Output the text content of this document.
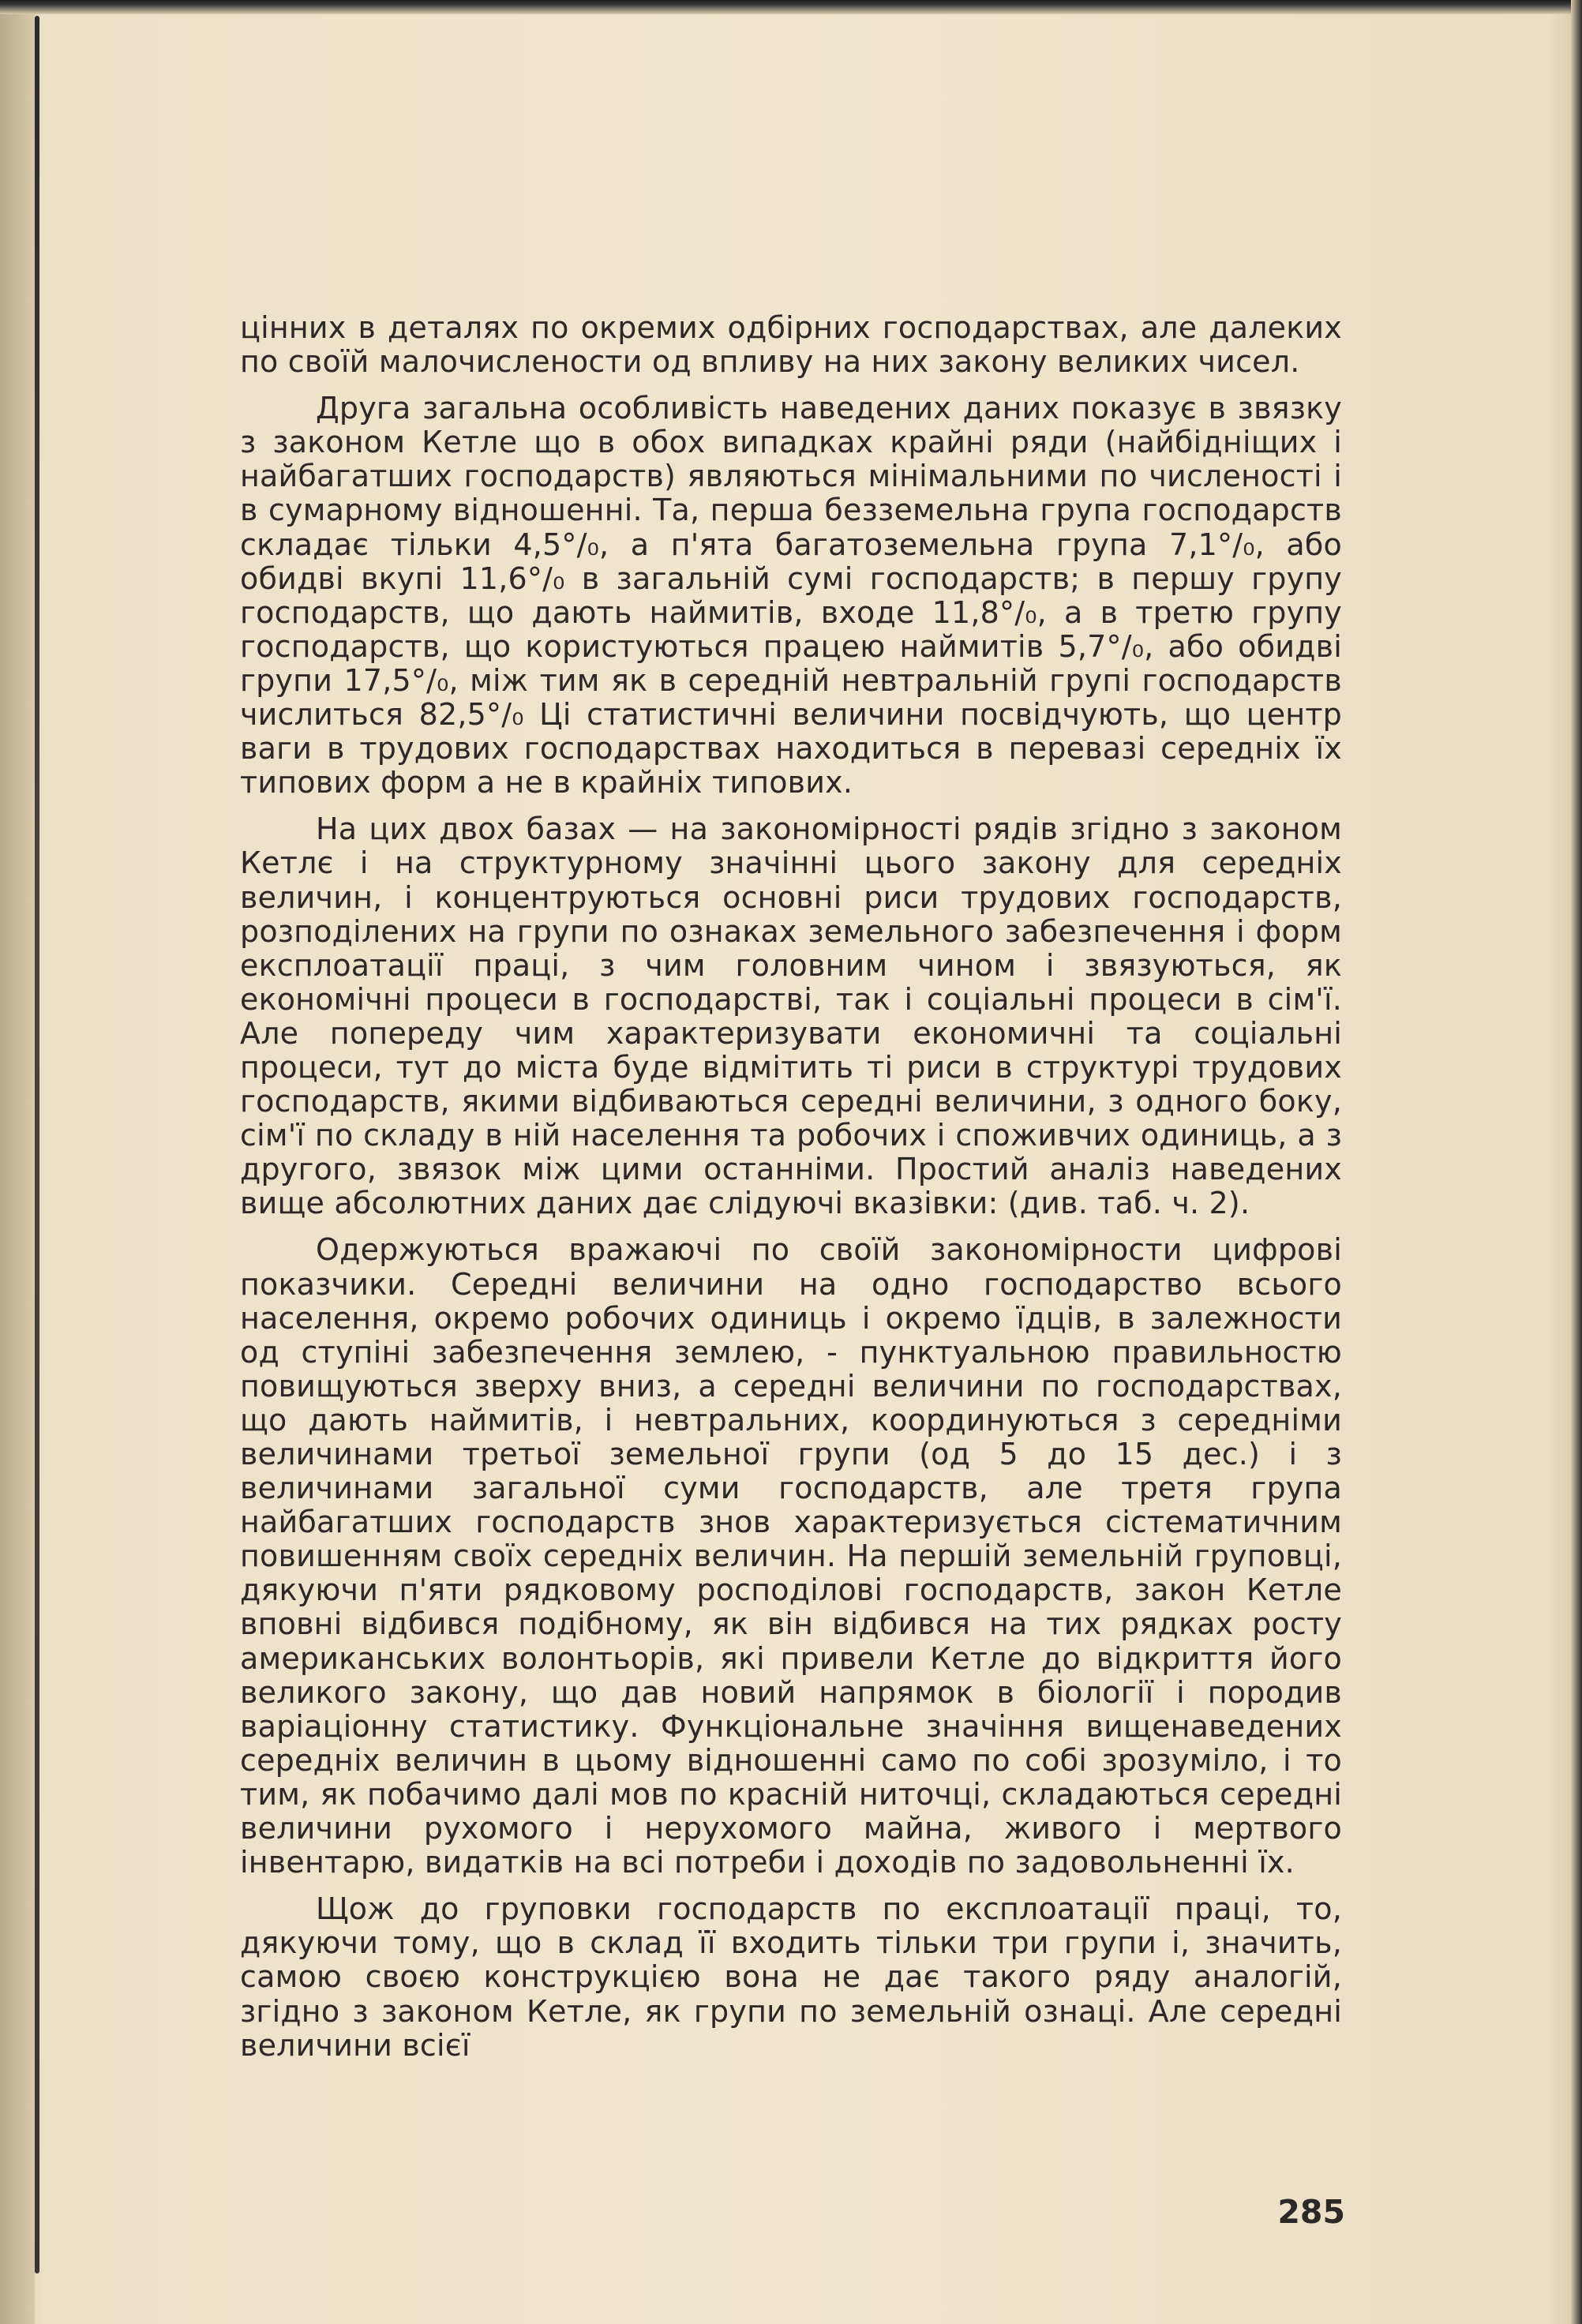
цінних в деталях по окремих одбірних господарствах, але далеких по своїй малочислености од впливу на них закону великих чисел.

Друга загальна особливість наведених даних показує в звязку з законом Кетле що в обох випадках крайні ряди (найбідніщих і найбагатших господарств) являються мінімальними по численості і в сумарному відношенні. Та, перша безземельна група господарств складає тільки 4,5°/₀, а п'ята багатоземельна група 7,1°/₀, або обидві вкупі 11,6°/₀ в загальній сумі господарств; в першу групу господарств, що дають наймитів, входе 11,8°/₀, а в третю групу господарств, що користуються працею наймитів 5,7°/₀, або обидві групи 17,5°/₀, між тим як в середній невтральній групі господарств числиться 82,5°/₀ Ці статистичні величини посвідчують, що центр ваги в трудових господарствах находиться в перевазі середніх їх типових форм а не в крайніх типових.

На цих двох базах — на закономірності рядів згідно з законом Кетлє і на структурному значінні цього закону для середніх величин, і концентруються основні риси трудових господарств, розподілених на групи по ознаках земельного забезпечення і форм експлоатації праці, з чим головним чином і звязуються, як економічні процеси в господарстві, так і соціальні процеси в сім'ї. Але попереду чим характеризувати економичні та соціальні процеси, тут до міста буде відмітить ті риси в структурі трудових господарств, якими відбиваються середні величини, з одного боку, сім'ї по складу в ній населення та робочих і споживчих одиниць, а з другого, звязок між цими останніми. Простий аналіз наведених вище абсолютних даних дає слідуючі вказівки: (див. таб. ч. 2).

Одержуються вражаючі по своїй закономірности цифрові показчики. Середні величини на одно господарство всього населення, окремо робочих одиниць і окремо їдців, в залежности од ступіні забезпечення землею, - пунктуальною правильностю повищуються зверху вниз, а середні величини по господарствах, що дають наймитів, і невтральних, координуються з середніми величинами третьої земельної групи (од 5 до 15 дес.) і з величинами загальної суми господарств, але третя група найбагатших господарств знов характеризується сістематичним повишенням своїх середніх величин. На першій земельній груповці, дякуючи п'яти рядковому росподілові господарств, закон Кетле вповні відбився подібному, як він відбився на тих рядках росту американських волонтьорів, які привели Кетле до відкриття його великого закону, що дав новий напрямок в біології і породив варіаціонну статистику. Функціональне значіння вищенаведених середніх величин в цьому відношенні само по собі зрозуміло, і то тим, як побачимо далі мов по красній ниточці, складаються середні величини рухомого і нерухомого майна, живого і мертвого інвентарю, видатків на всі потреби і доходів по задовольненні їх.

Щож до груповки господарств по експлоатації праці, то, дякуючи тому, що в склад її входить тільки три групи і, значить, самою своєю конструкцією вона не дає такого ряду аналогій, згідно з законом Кетле, як групи по земельній ознаці. Але середні величини всієї

285
